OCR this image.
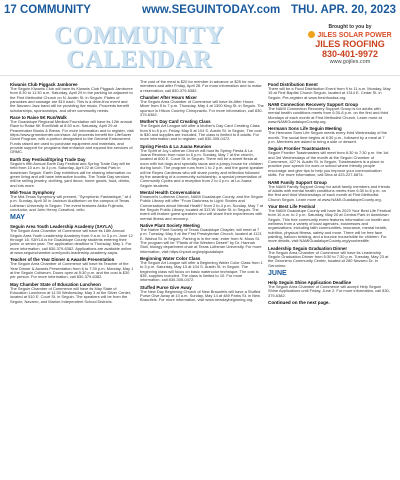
17 COMMUNITY	www.SEGUINTODAY.com THU. APR. 20, 2023
COMMUNITY
CALENDAR
Brought to you by
JILES SOLAR POWER
JILES ROOFING
830-401-9972
www.gojiles.com
Kiwanis Club Piggack Jamboree
The Seguin Kiwanis Club will have its Kiwanis Club Piggack Jamboree from 8:30 to 11:30 a.m. Saturday, April 29 in the parking lot adjacent to the First Methodist Church on N. Austin St. in Seguin. Plates of pancakes and sausage are $10 each. This is a drive-thru event and the Navarro Jazz band will be providing live music. Proceeds benefit scholarships, sponsorships, and other community needs.
Race to Raise 5K Run/Walk
The Guadalupe Regional Medical Foundation will have its 12th annual Race to Raise 5K Run/Walk at 8:30 a.m. Saturday, April 29 at Peacemaker Books & Brews. For more information and to register, visit https://www.grmedcenter.com/race. All proceeds benefit the LifeSaver Grant Program, with a portion designated to the General Endowment. Funds raised are used to purchase equipment and materials, and provide support for programs that enhance and expand the services of GRMC.
Earth Day Festival/Spring Trade Day
Seguin's fifth Annual Earth Day Festival and Spring Trade Day will be held from 10 a.m. to 3 p.m. Saturday, April 22 at Central Park in downtown Seguin. Earth Day exhibitors will be sharing information on green living and will have interactive booths. The Trade Day vendors will be selling jewelry, clothing, yard decor, home goods, food, drinks, and lots more.
Mid-Texas Symphony
The Mid-Texas Symphony will present, "Symphonic Fantastique," at 4 p.m. Sunday, April 30 in Jackson Auditorium on the campus of Texas Lutheran University in Seguin. The event features Akiko Fujimoto, conductor, and John Henry Crawford, cello.
MAY
Seguin Area Youth Leadership Academy (SAYLA)
The Seguin Area Chamber of Commerce will have its 16th Annual Seguin Area Youth Leadership Academy from 9 a.m. to 3 p.m. June 12 through 16. SAYLA is for Guadalupe County students entering their junior or senior year. The application deadline is Thursday, May 1. For more information, call 830-379-6382. Applications are available online at www.seguinchamber.com/youth-leadership-academy-sayla.
Teacher of the Year Dinner & Awards Presentation
The Seguin Area Chamber of Commerce will have its Teacher of the Year Dinner & Awards Presentation from 6 to 7:30 p.m. Monday, May 1 at the Seguin Coliseum. Doors open at 5:30 p.m. and the cost is $30 per person. For more information, call 830-379-6382.
May Chamber State of Education Luncheon
The Seguin Chamber of Commerce will have its May State of Education Luncheon at 11:30 Wednesday, May 3 at the Silver Center, located at 510 E. Court St. in Seguin. The speakers will be from the Seguin, Navarro, and Marion Independent School Districts.
The cost of the meal is $20 for member in advance or $25 for non-members and after Friday, April 28. For more information and to make a reservation, call 830-379-6382.
Chamber After Hours Mixer
The Seguin Area Chamber of Commerce will have its After Hours Mixer from 5 to 7 p.m. Thursday, May 4 at 1300 King St. in Seguin. The sponsor is Hilcon Country Chiropractic. For more information, call 830-379-6382.
Mother's Day Card Creating Class
The Seguin Art League will offer a Mother's Day Card Creating Class from 6 to 8 p.m. Friday, May 5 at 104 S. Austin St. in Seguin. The cost is $30 and supplies are included. The class is limited to 8 adults. For more information and to register, call 830-305-0472.
Spring Fiesta & La Juana Reunion
The Spirit of Joy Lutheran Church will host its Spring Fiesta & La Juana Reunion from noon to 6 p.m. Sunday, May 7 at the church, located at 600 E. Court St. in Seguin. There will be a street fiesta at noon with hot dogs and specialty tacos and a jumpy house for children during lunch. The program runs from 1 to 2 p.m. and the guest speaker will be Reyes Cardenas who will share poetry and reflection followed by the awarding of a community scholarship, a special presentation of Community Cycles and a reception from 2 to 4 p.m. at La Juana Seguin students.
Mental Health Conversations
Emanuel's Lutheran Church, NAMI Guadalupe County, and the Seguin Public Library will offer "From Darkness to Light: Stories and Conversations about Mental Health" from 2 to 4 p.m. Sunday, May 7 at the Seguin Public Library, located at 313 W. Nolte St. in Seguin. The event will feature guest speakers who will share their experiences with mental illness and recovery.
Native Plant Society Meeting
The Native Plant Society of Texas Guadalupe Chapter, will meet at 7 p.m. Tuesday, May 9 at the First Presbyterian Church, located at 1121 E. Walnut St. in Seguin. Parking is in the rear, enter from N. Moss St. The program will be "Plants of the Western Desert" by Dr. Hannah Stoll, biology department chair at Texas Lutheran University. For more information, visit https://npsot.org/wp/guadalupe.
Beginning Water Color Class
The Seguin Art League will offer a Beginning Water Color Class from 1 to 3 p.m. Saturday, May 13 at 104 S. Austin St. in Seguin. The beginning class will focus on basic watercolor technique. The cost is $35, supplies included. The class is limited to 10. For more information, call 830-305-0472.
Stuffed Purse Give Away
The New Day Beginning Church of New Braunfels will have a Stuffed Purse Give Away at 10 a.m. Sunday, May 14 at 489 Parks St. in New Braunfels. For more information, visit www.newdaybeginning.org.
Food Distribution Event
There will be a Food Distribution Event from 9 to 11 a.m. Monday, May 15 at First Baptist Church Seguin, located at 1314 E. Cedar St. in Seguin. Pre-register at www.freshfoodsa.org.
NAMI Connection Recovery Support Group
The NAMI Connection Recovery Support Group is for adults with mental health conditions meets from 6:30-8 p.m. on the first and third Mondays of each month at First Methodist Church. Learn more at www.NAMIGuadalupeCounty.org.
Hermann Sons Life Seguin Meeting
The Hermann Sons Life Seguin meets every third Wednesday of the month. The social time begins at 6:30 p.m., followed by a meal at 7 p.m. Members are asked to bring a side or dessert.
Seguin Frontier Toastmasters
Seguin Frontier Toastmasters will meet from 6:30 to 7:30 p.m. the 1st and 3rd Wednesdays of the month at the Seguin Chamber of Commerce, 427 N. Austin St. in Seguin. Toastmasters is a place to practice your speech for work or school where friendly people encourage and give tips to help you improve your communication skills. For more information, call Dina at 423-227-6874.
NAMI Family Support Group
The NAMI Family Support Group for adult family members and friends of adults with mental health conditions meets from 6:30 to 8 p.m. on the first and third Wednesdays of each month at First Methodist Church Seguin. Learn more at www.NAMI-GuadalupeCounty.org.
Your Best Life Festival
The NAMI Guadalupe County will have its 2023 Your Best Life Festival from 10 a.m. to 2 p.m. Saturday, May 20 at Central Park in downtown Seguin. This free community event features information on health and wellness from a variety of local agencies, businesses and organizations, including faith communities, insurance, mental health, nutrition, physical fitness, safety and more. There will be free face painting, balloon twisting, and a bounce house/slide for children. For more details, visit NAMIGuadalupeCounty.org/yourbestlife.
Leadership Seguin Graduation Dinner
The Seguin Area Chamber of Commerce will have its Leadership Seguin Graduation Dinner from 5:30 to 7:30 p.m. Tuesday, May 23 at the Geronimo Community Center, located at 280 Navarro Dr. in Geronimo.
JUNE
Help Seguin Shine Application Deadline
The Seguin Area Chamber of Commerce will accept Help Seguin Shine Applications until Friday, June 2. For more information, call 830-379-6382.
Continued on the next page.
